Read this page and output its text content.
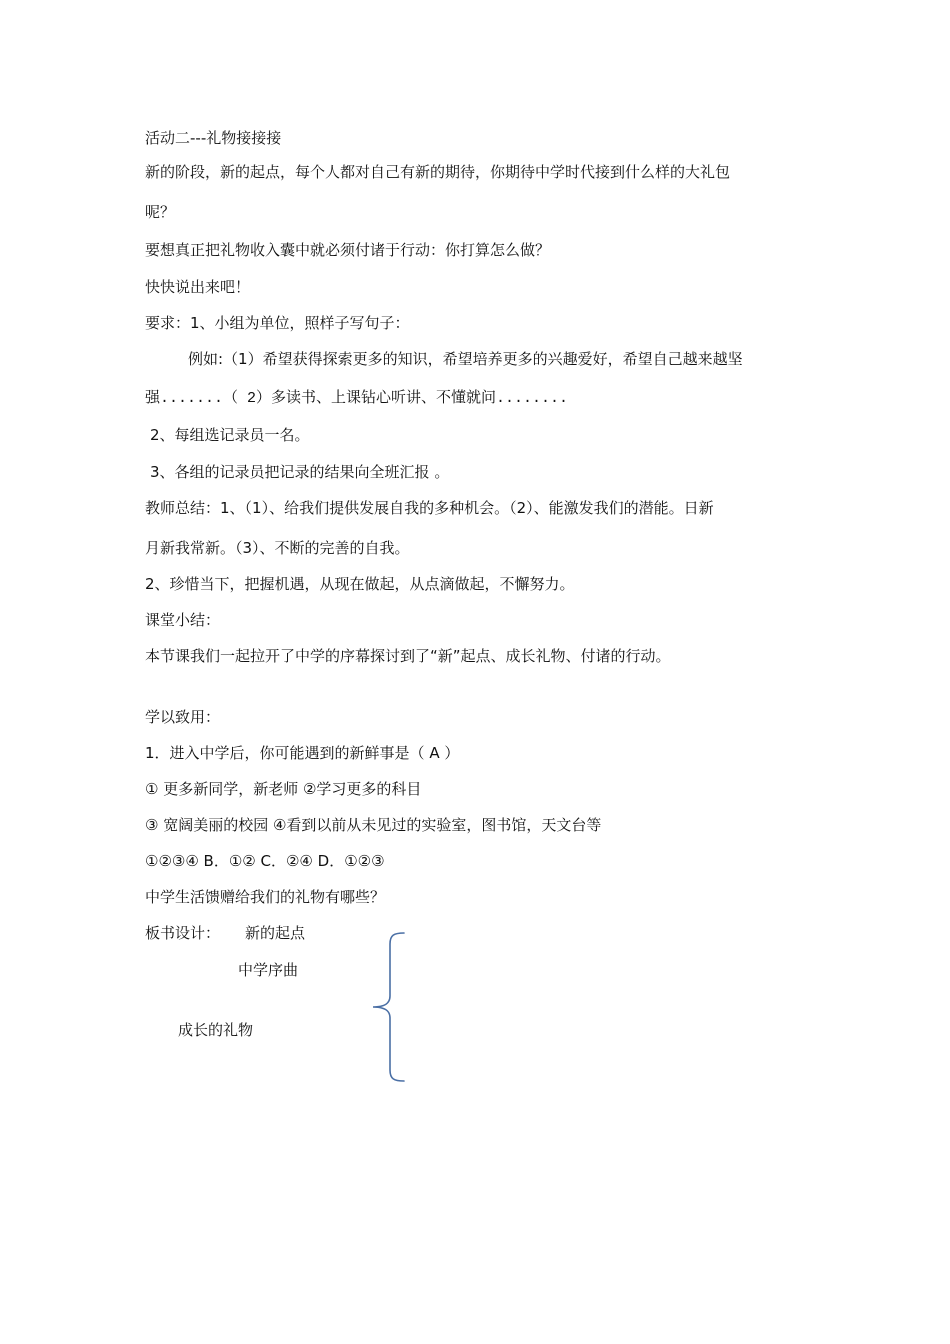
活动二---礼物接接接
新的阶段，新的起点，每个人都对自己有新的期待，你期待中学时代接到什么样的大礼包
呢？
要想真正把礼物收入囊中就必须付诸于行动：你打算怎么做？
快快说出来吧！
要求：1、小组为单位，照样子写句子：
例如:（1）希望获得探索更多的知识，希望培养更多的兴趣爱好，希望自己越来越坚
强.......（ 2）多读书、上课钻心听讲、不懂就问........
2、每组选记录员一名。
3、各组的记录员把记录的结果向全班汇报 。
教师总结：1、（1）、给我们提供发展自我的多种机会。（2）、能激发我们的潜能。日新
月新我常新。（3）、不断的完善的自我。
2、珍惜当下，把握机遇，从现在做起，从点滴做起，不懈努力。
课堂小结：
本节课我们一起拉开了中学的序幕探讨到了“新”起点、成长礼物、付诸的行动。
学以致用：
1．进入中学后，你可能遇到的新鲜事是（ A ）
① 更多新同学，新老师 ②学习更多的科目
③ 宽阔美丽的校园 ④看到以前从未见过的实验室，图书馆，天文台等
①②③④ B．①② C．②④ D．①②③
中学生活馈赠给我们的礼物有哪些？
板书设计： 新的起点
中学序曲
成长的礼物
